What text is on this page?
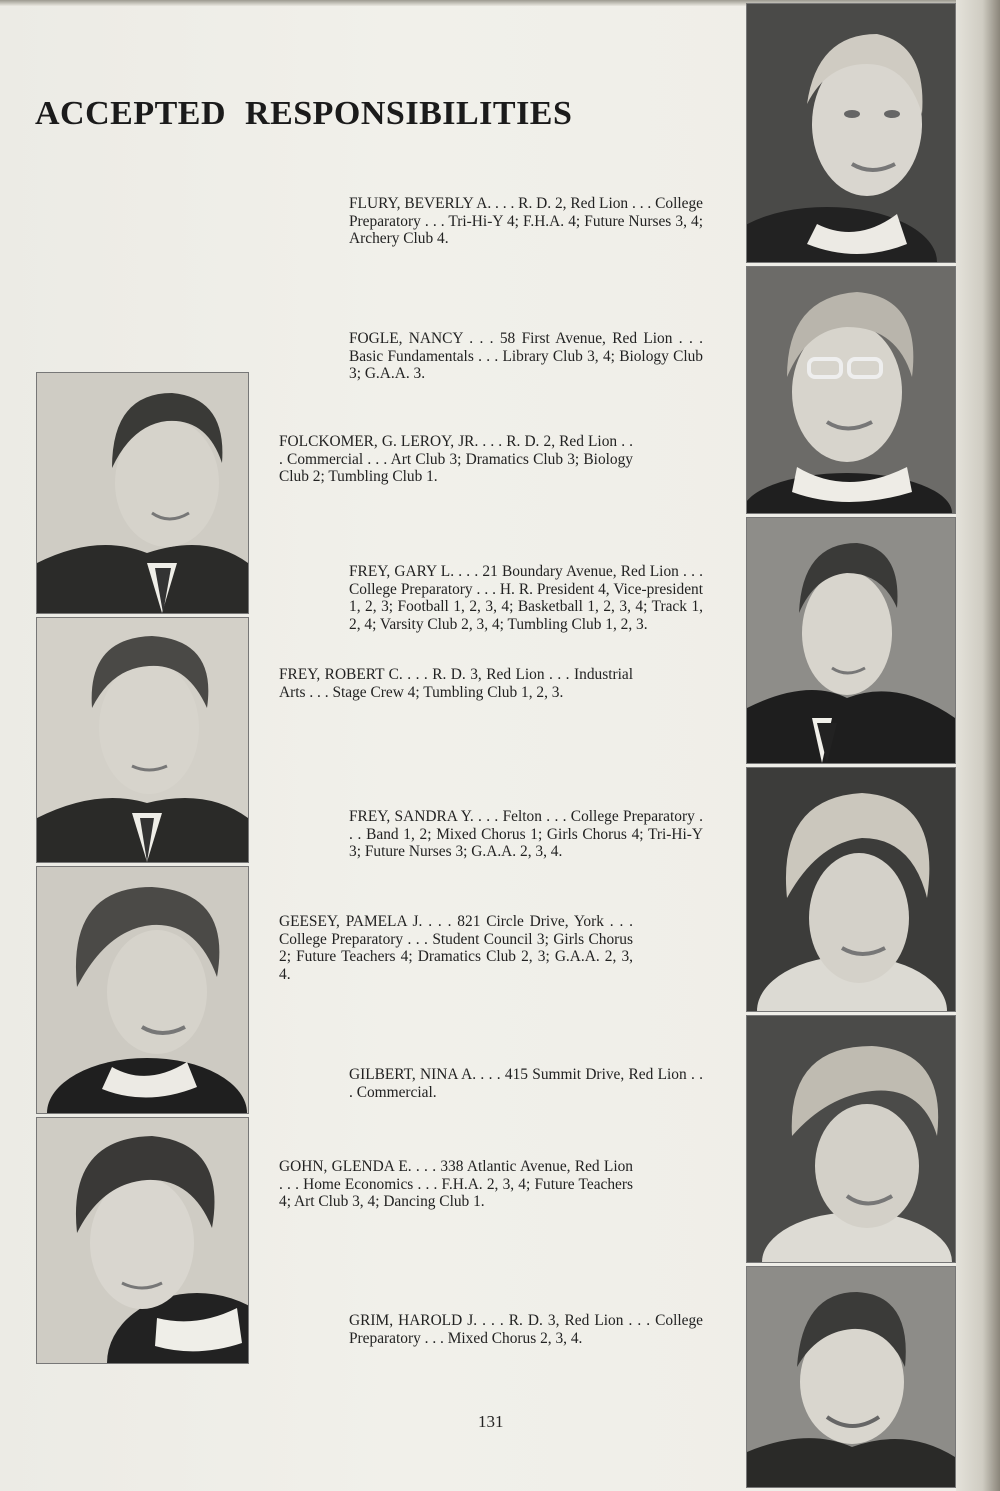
ACCEPTED RESPONSIBILITIES
FLURY, BEVERLY A. . . . R. D. 2, Red Lion . . . College Preparatory . . . Tri-Hi-Y 4; F.H.A. 4; Future Nurses 3, 4; Archery Club 4.
FOGLE, NANCY . . . 58 First Avenue, Red Lion . . . Basic Fundamentals . . . Library Club 3, 4; Biology Club 3; G.A.A. 3.
FOLCKOMER, G. LEROY, JR. . . . R. D. 2, Red Lion . . . Commercial . . . Art Club 3; Dramatics Club 3; Biology Club 2; Tumbling Club 1.
FREY, GARY L. . . . 21 Boundary Avenue, Red Lion . . . College Preparatory . . . H. R. President 4, Vice-president 1, 2, 3; Football 1, 2, 3, 4; Basketball 1, 2, 3, 4; Track 1, 2, 4; Varsity Club 2, 3, 4; Tumbling Club 1, 2, 3.
FREY, ROBERT C. . . . R. D. 3, Red Lion . . . Industrial Arts . . . Stage Crew 4; Tumbling Club 1, 2, 3.
FREY, SANDRA Y. . . . Felton . . . College Preparatory . . . Band 1, 2; Mixed Chorus 1; Girls Chorus 4; Tri-Hi-Y 3; Future Nurses 3; G.A.A. 2, 3, 4.
GEESEY, PAMELA J. . . . 821 Circle Drive, York . . . College Preparatory . . . Student Council 3; Girls Chorus 2; Future Teachers 4; Dramatics Club 2, 3; G.A.A. 2, 3, 4.
GILBERT, NINA A. . . . 415 Summit Drive, Red Lion . . . Commercial.
GOHN, GLENDA E. . . . 338 Atlantic Avenue, Red Lion . . . Home Economics . . . F.H.A. 2, 3, 4; Future Teachers 4; Art Club 3, 4; Dancing Club 1.
GRIM, HAROLD J. . . . R. D. 3, Red Lion . . . College Preparatory . . . Mixed Chorus 2, 3, 4.
131
